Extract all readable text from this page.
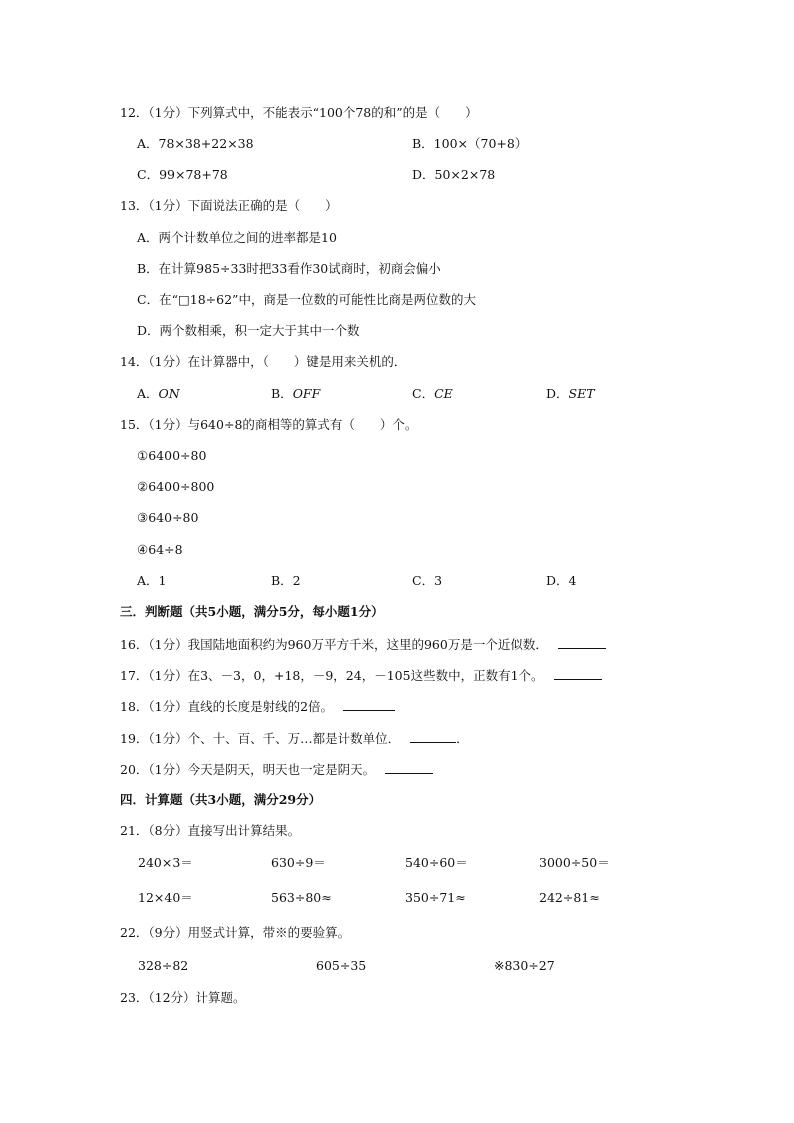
12．（1分）下列算式中，不能表示“100个78的和”的是（　　）
A．78×38+22×38	B．100×（70+8）
C．99×78+78	D．50×2×78
13．（1分）下面说法正确的是（　　）
A．两个计数单位之间的进率都是10
B．在计算985÷33时把33看作30试商时，初商会偏小
C．在“□18÷62”中，商是一位数的可能性比商是两位数的大
D．两个数相乘，积一定大于其中一个数
14．（1分）在计算器中，（　　）键是用来关机的．
A．ON	B．OFF	C．CE	D．SET
15．（1分）与640÷8的商相等的算式有（　　）个。
①6400÷80
②6400÷800
③640÷80
④64÷8
A．1	B．2	C．3	D．4
三．判断题（共5小题，满分5分，每小题1分）
16．（1分）我国陆地面积约为960万平方千米，这里的960万是一个近似数．
17．（1分）在3、－3，0，+18，－9，24，－105这些数中，正数有1个。
18．（1分）直线的长度是射线的2倍。
19．（1分）个、十、百、千、万…都是计数单位．	．
20．（1分）今天是阴天，明天也一定是阴天。
四．计算题（共3小题，满分29分）
21．（8分）直接写出计算结果。
240×3＝	630÷9＝	540÷60＝	3000÷50＝
12×40＝	563÷80≈	350÷71≈	242÷81≈
22．（9分）用竖式计算，带※的要验算。
328÷82	605÷35	※830÷27
23．（12分）计算题。
